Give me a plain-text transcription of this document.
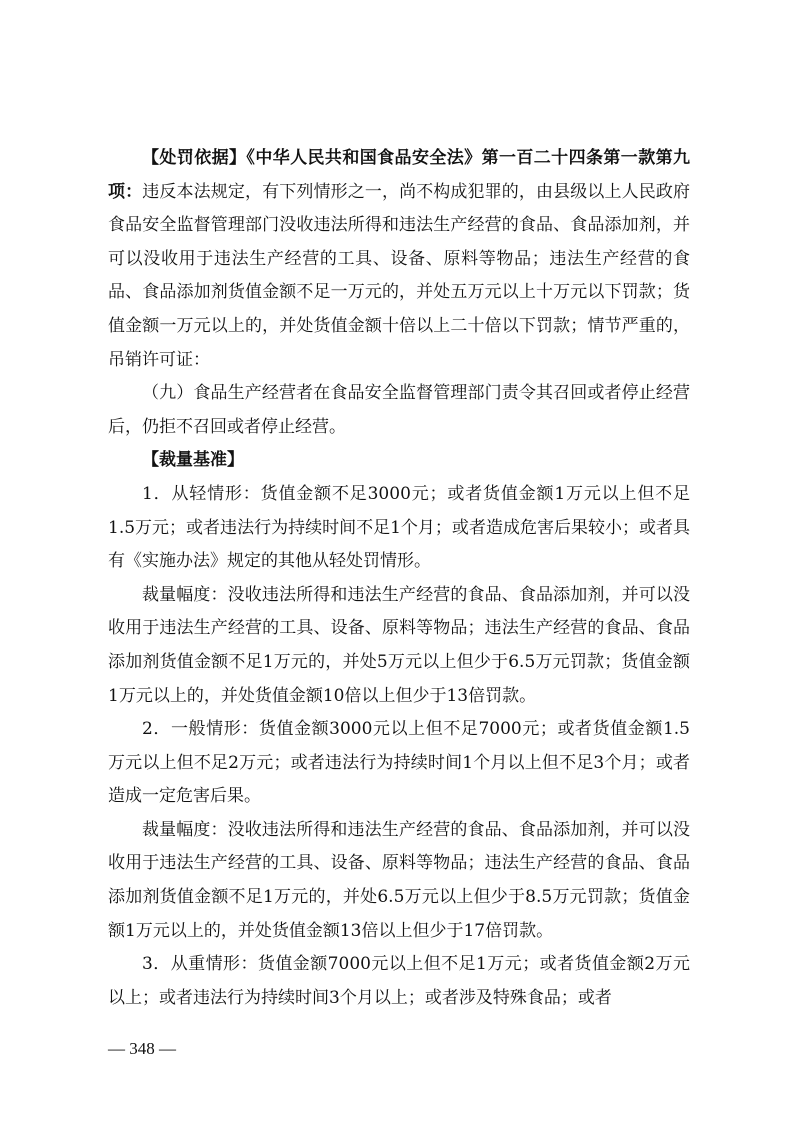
【处罚依据】《中华人民共和国食品安全法》第一百二十四条第一款第九项：违反本法规定，有下列情形之一，尚不构成犯罪的，由县级以上人民政府食品安全监督管理部门没收违法所得和违法生产经营的食品、食品添加剂，并可以没收用于违法生产经营的工具、设备、原料等物品；违法生产经营的食品、食品添加剂货值金额不足一万元的，并处五万元以上十万元以下罚款；货值金额一万元以上的，并处货值金额十倍以上二十倍以下罚款；情节严重的，吊销许可证：

（九）食品生产经营者在食品安全监督管理部门责令其召回或者停止经营后，仍拒不召回或者停止经营。

【裁量基准】

1．从轻情形：货值金额不足3000元；或者货值金额1万元以上但不足1.5万元；或者违法行为持续时间不足1个月；或者造成危害后果较小；或者具有《实施办法》规定的其他从轻处罚情形。

裁量幅度：没收违法所得和违法生产经营的食品、食品添加剂，并可以没收用于违法生产经营的工具、设备、原料等物品；违法生产经营的食品、食品添加剂货值金额不足1万元的，并处5万元以上但少于6.5万元罚款；货值金额1万元以上的，并处货值金额10倍以上但少于13倍罚款。

2．一般情形：货值金额3000元以上但不足7000元；或者货值金额1.5万元以上但不足2万元；或者违法行为持续时间1个月以上但不足3个月；或者造成一定危害后果。

裁量幅度：没收违法所得和违法生产经营的食品、食品添加剂，并可以没收用于违法生产经营的工具、设备、原料等物品；违法生产经营的食品、食品添加剂货值金额不足1万元的，并处6.5万元以上但少于8.5万元罚款；货值金额1万元以上的，并处货值金额13倍以上但少于17倍罚款。

3．从重情形：货值金额7000元以上但不足1万元；或者货值金额2万元以上；或者违法行为持续时间3个月以上；或者涉及特殊食品；或者

— 348 —
